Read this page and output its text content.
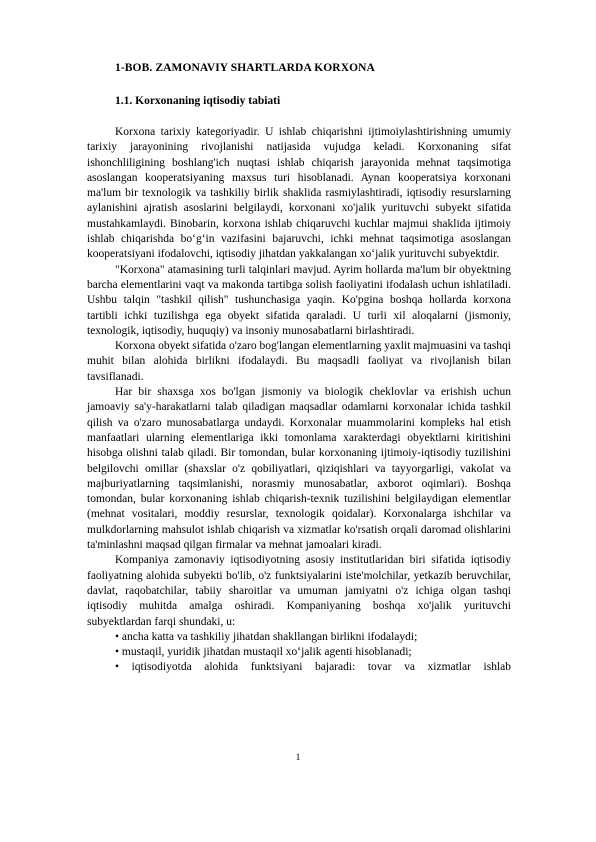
1-BOB. ZAMONAVIY SHARTLARDA KORXONA
1.1. Korxonaning iqtisodiy tabiati

Korxona tarixiy kategoriyadir. U ishlab chiqarishni ijtimoiylashtirishning umumiy tarixiy jarayonining rivojlanishi natijasida vujudga keladi. Korxonaning sifat ishonchliligining boshlang'ich nuqtasi ishlab chiqarish jarayonida mehnat taqsimotiga asoslangan kooperatsiyaning maxsus turi hisoblanadi. Aynan kooperatsiya korxonani ma'lum bir texnologik va tashkiliy birlik shaklida rasmiylashtiradi, iqtisodiy resurslarning aylanishini ajratish asoslarini belgilaydi, korxonani xo'jalik yurituvchi subyekt sifatida mustahkamlaydi. Binobarin, korxona ishlab chiqaruvchi kuchlar majmui shaklida ijtimoiy ishlab chiqarishda bo‘g‘in vazifasini bajaruvchi, ichki mehnat taqsimotiga asoslangan kooperatsiyani ifodalovchi, iqtisodiy jihatdan yakkalangan xo‘jalik yurituvchi subyektdir.

"Korxona" atamasining turli talqinlari mavjud. Ayrim hollarda ma'lum bir obyektning barcha elementlarini vaqt va makonda tartibga solish faoliyatini ifodalash uchun ishlatiladi. Ushbu talqin "tashkil qilish" tushunchasiga yaqin. Ko'pgina boshqa hollarda korxona tartibli ichki tuzilishga ega obyekt sifatida qaraladi. U turli xil aloqalarni (jismoniy, texnologik, iqtisodiy, huquqiy) va insoniy munosabatlarni birlashtiradi.

Korxona obyekt sifatida o'zaro bog'langan elementlarning yaxlit majmuasini va tashqi muhit bilan alohida birlikni ifodalaydi. Bu maqsadli faoliyat va rivojlanish bilan tavsiflanadi.

Har bir shaxsga xos bo'lgan jismoniy va biologik cheklovlar va erishish uchun jamoaviy sa'y-harakatlarni talab qiladigan maqsadlar odamlarni korxonalar ichida tashkil qilish va o'zaro munosabatlarga undaydi. Korxonalar muammolarini kompleks hal etish manfaatlari ularning elementlariga ikki tomonlama xarakterdagi obyektlarni kiritishini hisobga olishni talab qiladi. Bir tomondan, bular korxonaning ijtimoiy-iqtisodiy tuzilishini belgilovchi omillar (shaxslar o'z qobiliyatlari, qiziqishlari va tayyorgarligi, vakolat va majburiyatlarning taqsimlanishi, norasmiy munosabatlar, axborot oqimlari). Boshqa tomondan, bular korxonaning ishlab chiqarish-texnik tuzilishini belgilaydigan elementlar (mehnat vositalari, moddiy resurslar, texnologik qoidalar). Korxonalarga ishchilar va mulkdorlarning mahsulot ishlab chiqarish va xizmatlar ko'rsatish orqali daromad olishlarini ta'minlashni maqsad qilgan firmalar va mehnat jamoalari kiradi.

Kompaniya zamonaviy iqtisodiyotning asosiy institutlaridan biri sifatida iqtisodiy faoliyatning alohida subyekti bo'lib, o'z funktsiyalarini iste'molchilar, yetkazib beruvchilar, davlat, raqobatchilar, tabiiy sharoitlar va umuman jamiyatni o'z ichiga olgan tashqi iqtisodiy muhitda amalga oshiradi. Kompaniyaning boshqa xo'jalik yurituvchi subyektlardan farqi shundaki, u:

• ancha katta va tashkiliy jihatdan shakllangan birlikni ifodalaydi;

• mustaqil, yuridik jihatdan mustaqil xo‘jalik agenti hisoblanadi;

• iqtisodiyotda alohida funktsiyani bajaradi: tovar va xizmatlar ishlab

1
